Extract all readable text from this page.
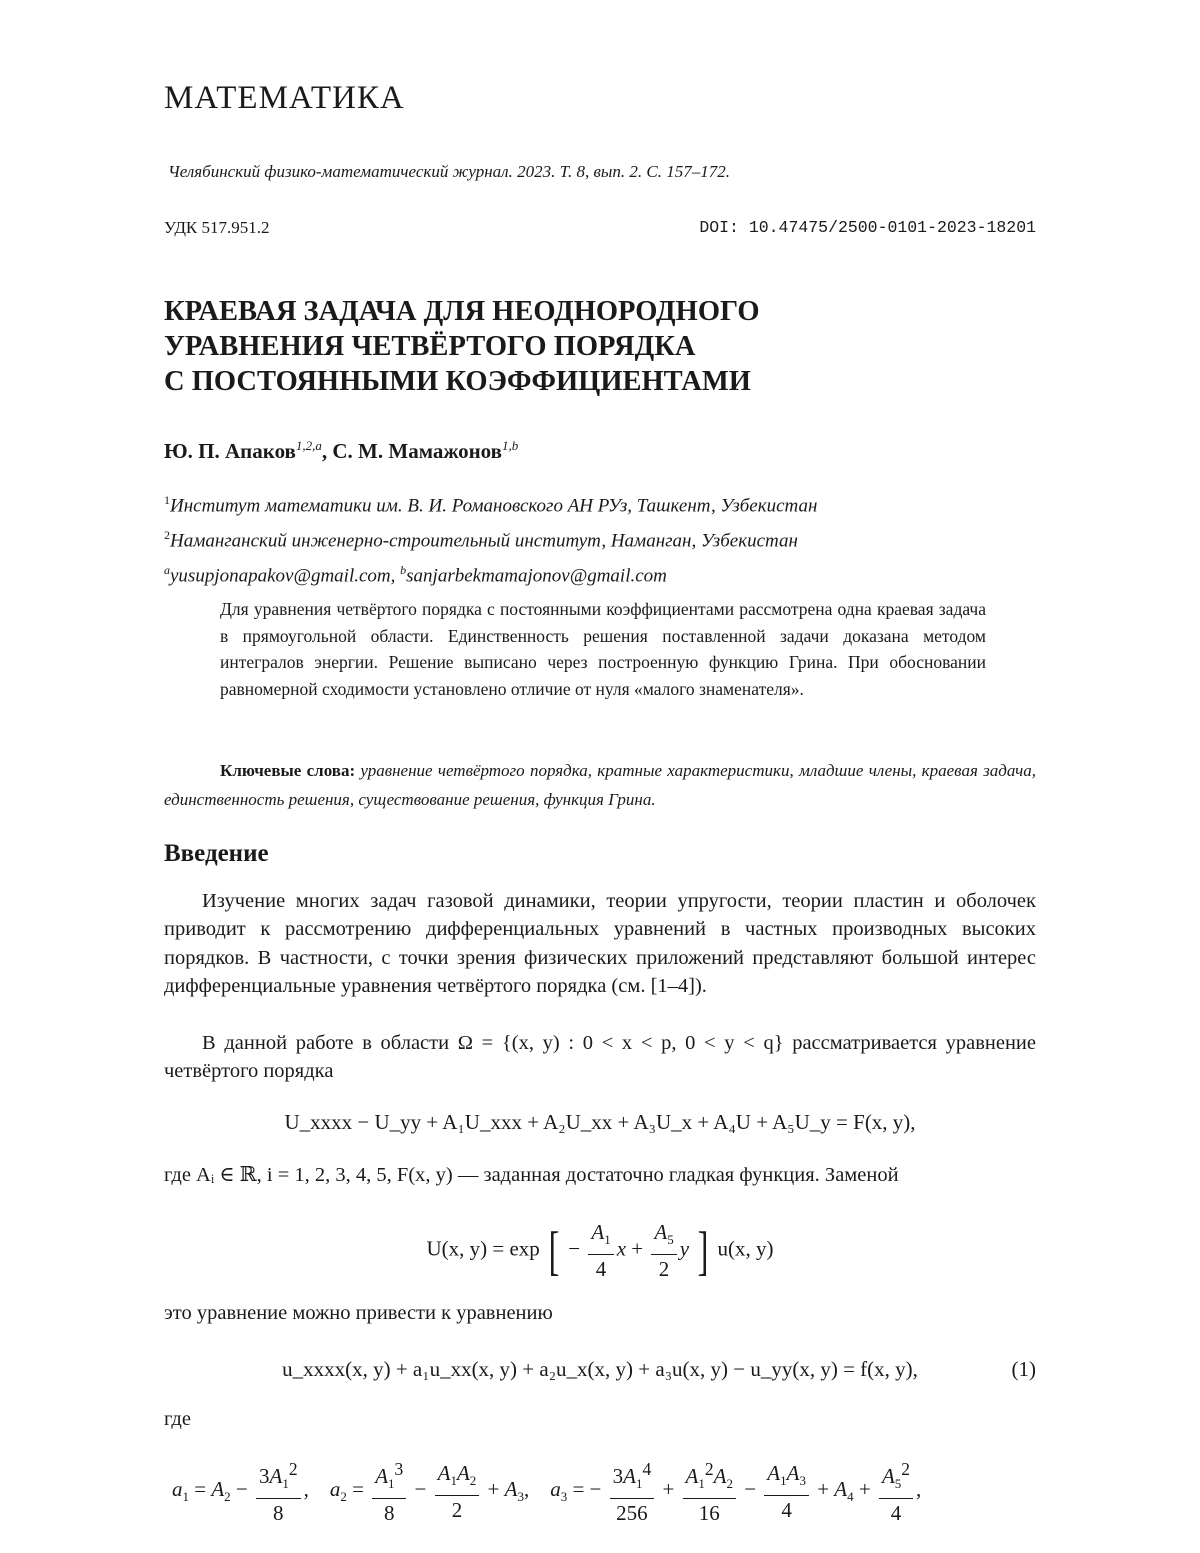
МАТЕМАТИКА
Челябинский физико-математический журнал. 2023. Т. 8, вып. 2. С. 157–172.
УДК 517.951.2	DOI: 10.47475/2500-0101-2023-18201
КРАЕВАЯ ЗАДАЧА ДЛЯ НЕОДНОРОДНОГО
УРАВНЕНИЯ ЧЕТВЁРТОГО ПОРЯДКА
С ПОСТОЯННЫМИ КОЭФФИЦИЕНТАМИ
Ю. П. Апаков$^{1,2,a}$, С. М. Мамажонов$^{1,b}$
$^1$Институт математики им. В. И. Романовского АН РУз, Ташкент, Узбекистан
$^2$Наманганский инженерно-строительный институт, Наманган, Узбекистан
$^a$yusupjonapakov@gmail.com, $^b$sanjarbekmamajonov@gmail.com
Для уравнения четвёртого порядка с постоянными коэффициентами рассмотрена одна краевая задача в прямоугольной области. Единственность решения поставленной задачи доказана методом интегралов энергии. Решение выписано через построенную функцию Грина. При обосновании равномерной сходимости установлено отличие от нуля «малого знаменателя».
Ключевые слова: уравнение четвёртого порядка, кратные характеристики, младшие члены, краевая задача, единственность решения, существование решения, функция Грина.
Введение
Изучение многих задач газовой динамики, теории упругости, теории пластин и оболочек приводит к рассмотрению дифференциальных уравнений в частных производных высоких порядков. В частности, с точки зрения физических приложений представляют большой интерес дифференциальные уравнения четвёртого порядка (см. [1–4]).
В данной работе в области Ω = {(x, y) : 0 < x < p, 0 < y < q} рассматривается уравнение четвёртого порядка
U_xxxx − U_yy + A₁U_xxx + A₂U_xx + A₃U_x + A₄U + A₅U_y = F(x, y),
где Aᵢ ∈ ℝ, i = 1, 2, 3, 4, 5, F(x, y) — заданная достаточно гладкая функция. Заменой
U(x, y) = exp [ − $\frac{A_1}{4}$ $x + \frac{A_5}{2}$ y ] u(x, y)
это уравнение можно привести к уравнению
u_xxxx(x, y) + a₁u_xx(x, y) + a₂u_x(x, y) + a₃u(x, y) − u_yy(x, y) = f(x, y),	(1)
где
$a_1 = A_2 - \frac{3A_1^2}{8}$ ,    $a_2 = \frac{A_1^3}{8} - \frac{A_1A_2}{2} + A_3$,    $a_3$ = − $\frac{3A_1^4}{256} + \frac{A_1^2A_2}{16} - \frac{A_1A_3}{4} + A_4 + \frac{A_5^2}{4}$ ,
